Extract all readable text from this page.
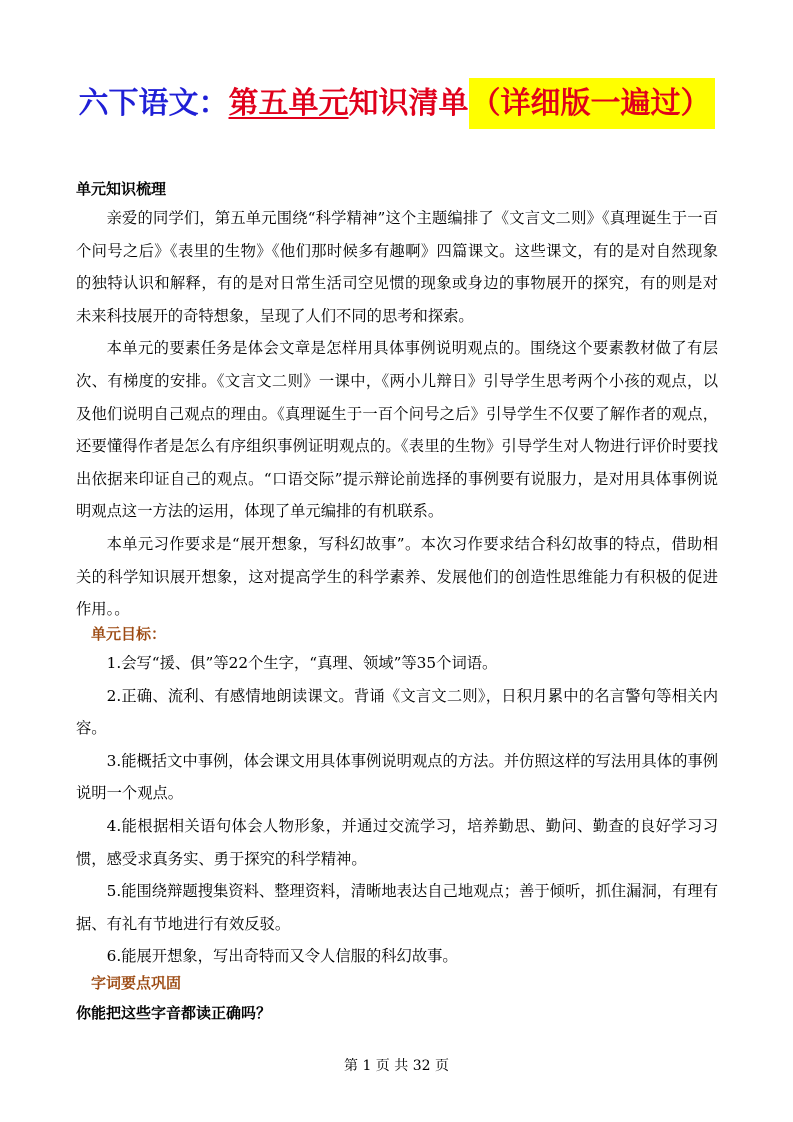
六下语文：第五单元知识清单（详细版一遍过）
单元知识梳理

亲爱的同学们，第五单元围绕“科学精神”这个主题编排了《文言文二则》《真理诞生于一百个问号之后》《表里的生物》《他们那时候多有趣啊》四篇课文。这些课文，有的是对自然现象的独特认识和解释，有的是对日常生活司空见惯的现象或身边的事物展开的探究，有的则是对未来科技展开的奇特想象，呈现了人们不同的思考和探索。

本单元的要素任务是体会文章是怎样用具体事例说明观点的。围绕这个要素教材做了有层次、有梯度的安排。《文言文二则》一课中，《两小儿辩日》引导学生思考两个小孩的观点，以及他们说明自己观点的理由。《真理诞生于一百个问号之后》引导学生不仅要了解作者的观点，还要懂得作者是怎么有序组织事例证明观点的。《表里的生物》引导学生对人物进行评价时要找出依据来印证自己的观点。“口语交际”提示辩论前选择的事例要有说服力，是对用具体事例说明观点这一方法的运用，体现了单元编排的有机联系。

本单元习作要求是“展开想象，写科幻故事”。本次习作要求结合科幻故事的特点，借助相关的科学知识展开想象，这对提高学生的科学素养、发展他们的创造性思维能力有积极的促进作用。。

单元目标：

1.会写“援、俱”等22个生字，“真理、领域”等35个词语。

2.正确、流利、有感情地朗读课文。背诵《文言文二则》，日积月累中的名言警句等相关内容。

3.能概括文中事例，体会课文用具体事例说明观点的方法。并仿照这样的写法用具体的事例说明一个观点。

4.能根据相关语句体会人物形象，并通过交流学习，培养勤思、勤问、勤查的良好学习习惯，感受求真务实、勇于探究的科学精神。

5.能围绕辩题搜集资料、整理资料，清晰地表达自己地观点；善于倾听，抓住漏洞，有理有据、有礼有节地进行有效反驳。

6.能展开想象，写出奇特而又令人信服的科幻故事。

字词要点巩固
你能把这些字音都读正确吗？
第 1 页 共 32 页
